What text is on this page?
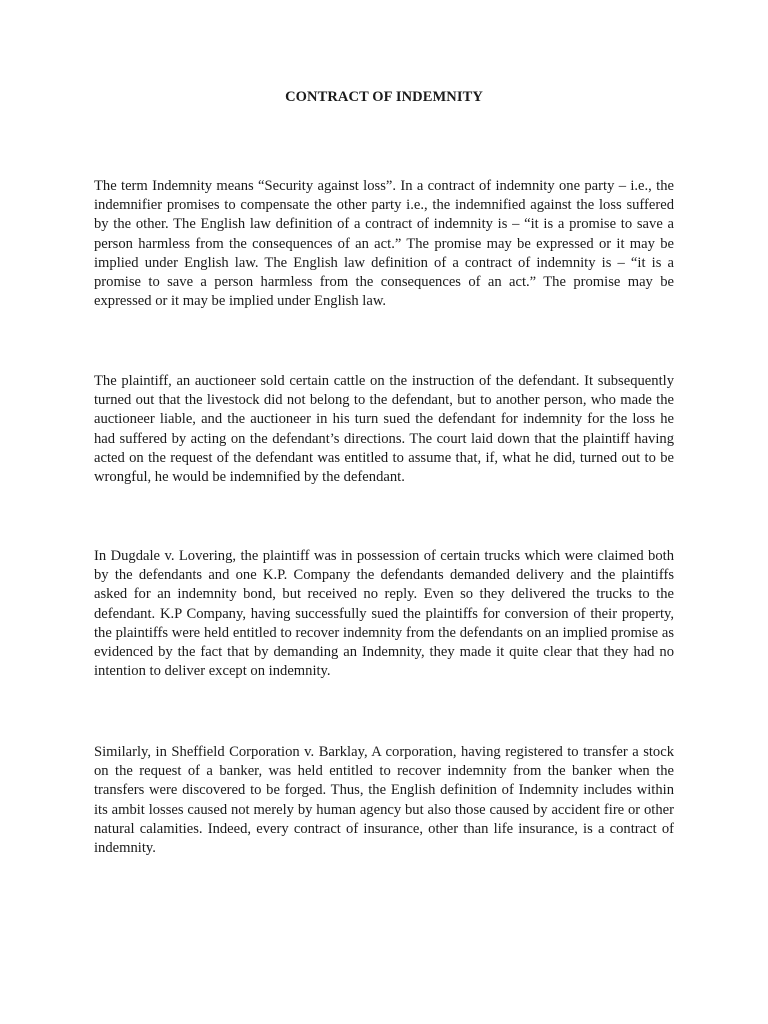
CONTRACT OF INDEMNITY

The term Indemnity means “Security against loss”. In a contract of indemnity one party – i.e., the indemnifier promises to compensate the other party i.e., the indemnified against the loss suffered by the other. The English law definition of a contract of indemnity is – “it is a promise to save a person harmless from the consequences of an act.” The promise may be expressed or it may be implied under English law. The English law definition of a contract of indemnity is – “it is a promise to save a person harmless from the consequences of an act.” The promise may be expressed or it may be implied under English law.

The plaintiff, an auctioneer sold certain cattle on the instruction of the defendant. It subsequently turned out that the livestock did not belong to the defendant, but to another person, who made the auctioneer liable, and the auctioneer in his turn sued the defendant for indemnity for the loss he had suffered by acting on the defendant’s directions. The court laid down that the plaintiff having acted on the request of the defendant was entitled to assume that, if, what he did, turned out to be wrongful, he would be indemnified by the defendant.

In Dugdale v. Lovering, the plaintiff was in possession of certain trucks which were claimed both by the defendants and one K.P. Company the defendants demanded delivery and the plaintiffs asked for an indemnity bond, but received no reply. Even so they delivered the trucks to the defendant. K.P Company, having successfully sued the plaintiffs for conversion of their property, the plaintiffs were held entitled to recover indemnity from the defendants on an implied promise as evidenced by the fact that by demanding an Indemnity, they made it quite clear that they had no intention to deliver except on indemnity.

Similarly, in Sheffield Corporation v. Barklay, A corporation, having registered to transfer a stock on the request of a banker, was held entitled to recover indemnity from the banker when the transfers were discovered to be forged. Thus, the English definition of Indemnity includes within its ambit losses caused not merely by human agency but also those caused by accident fire or other natural calamities. Indeed, every contract of insurance, other than life insurance, is a contract of indemnity.
